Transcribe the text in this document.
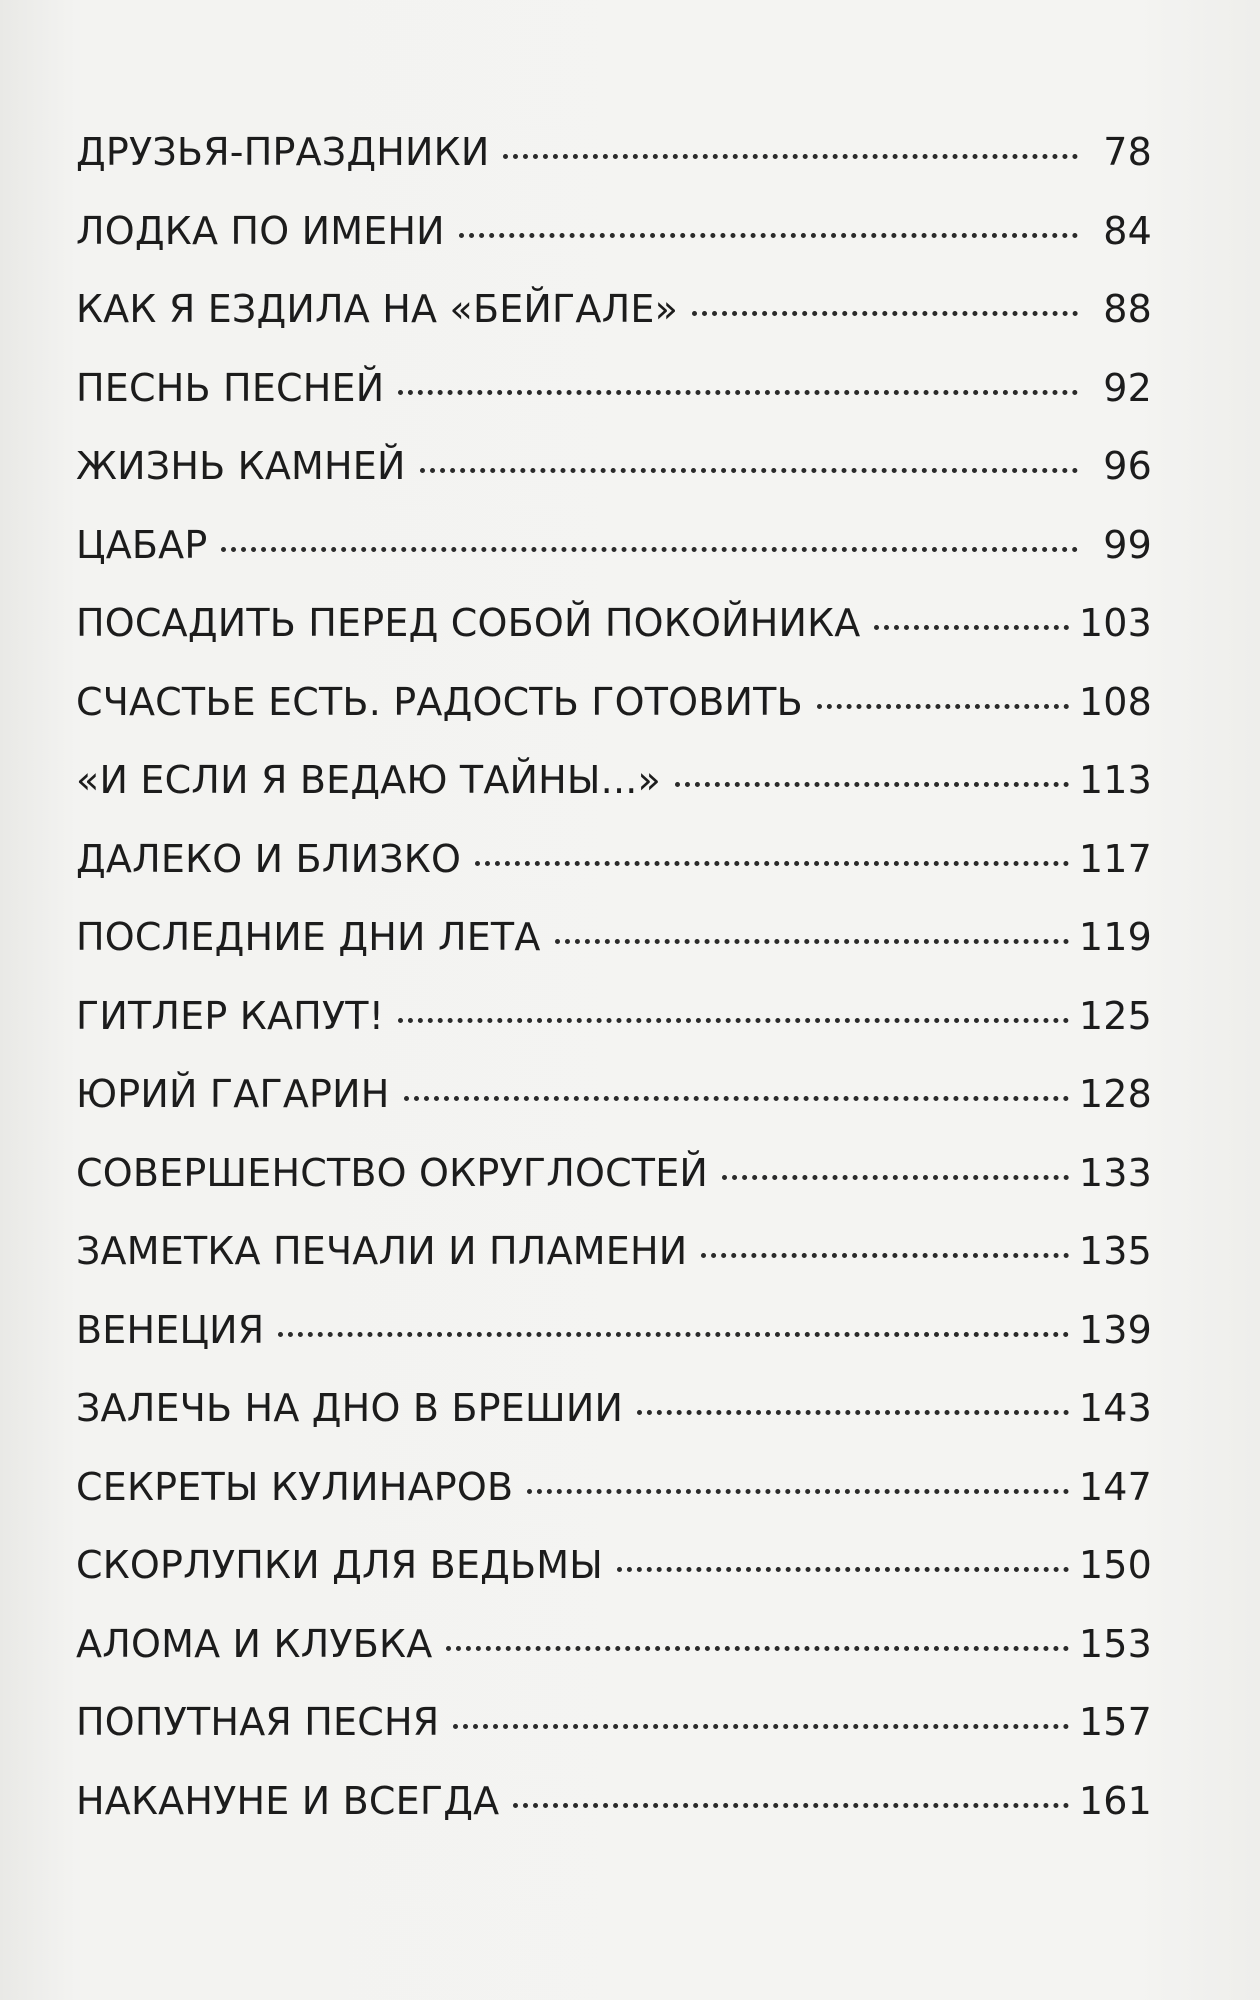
ДРУЗЬЯ-ПРАЗДНИКИ	78
ЛОДКА ПО ИМЕНИ	84
КАК Я ЕЗДИЛА НА «БЕЙГАЛЕ»	88
ПЕСНЬ ПЕСНЕЙ	92
ЖИЗНЬ КАМНЕЙ	96
ЦАБАР	99
ПОСАДИТЬ ПЕРЕД СОБОЙ ПОКОЙНИКА	103
СЧАСТЬЕ ЕСТЬ. РАДОСТЬ ГОТОВИТЬ	108
«И ЕСЛИ Я ВЕДАЮ ТАЙНЫ...»	113
ДАЛЕКО И БЛИЗКО	117
ПОСЛЕДНИЕ ДНИ ЛЕТА	119
ГИТЛЕР КАПУТ!	125
ЮРИЙ ГАГАРИН	128
СОВЕРШЕНСТВО ОКРУГЛОСТЕЙ	133
ЗАМЕТКА ПЕЧАЛИ И ПЛАМЕНИ	135
ВЕНЕЦИЯ	139
ЗАЛЕЧЬ НА ДНО В БРЕШИИ	143
СЕКРЕТЫ КУЛИНАРОВ	147
СКОРЛУПКИ ДЛЯ ВЕДЬМЫ	150
АЛОМА И КЛУБКА	153
ПОПУТНАЯ ПЕСНЯ	157
НАКАНУНЕ И ВСЕГДА	161
